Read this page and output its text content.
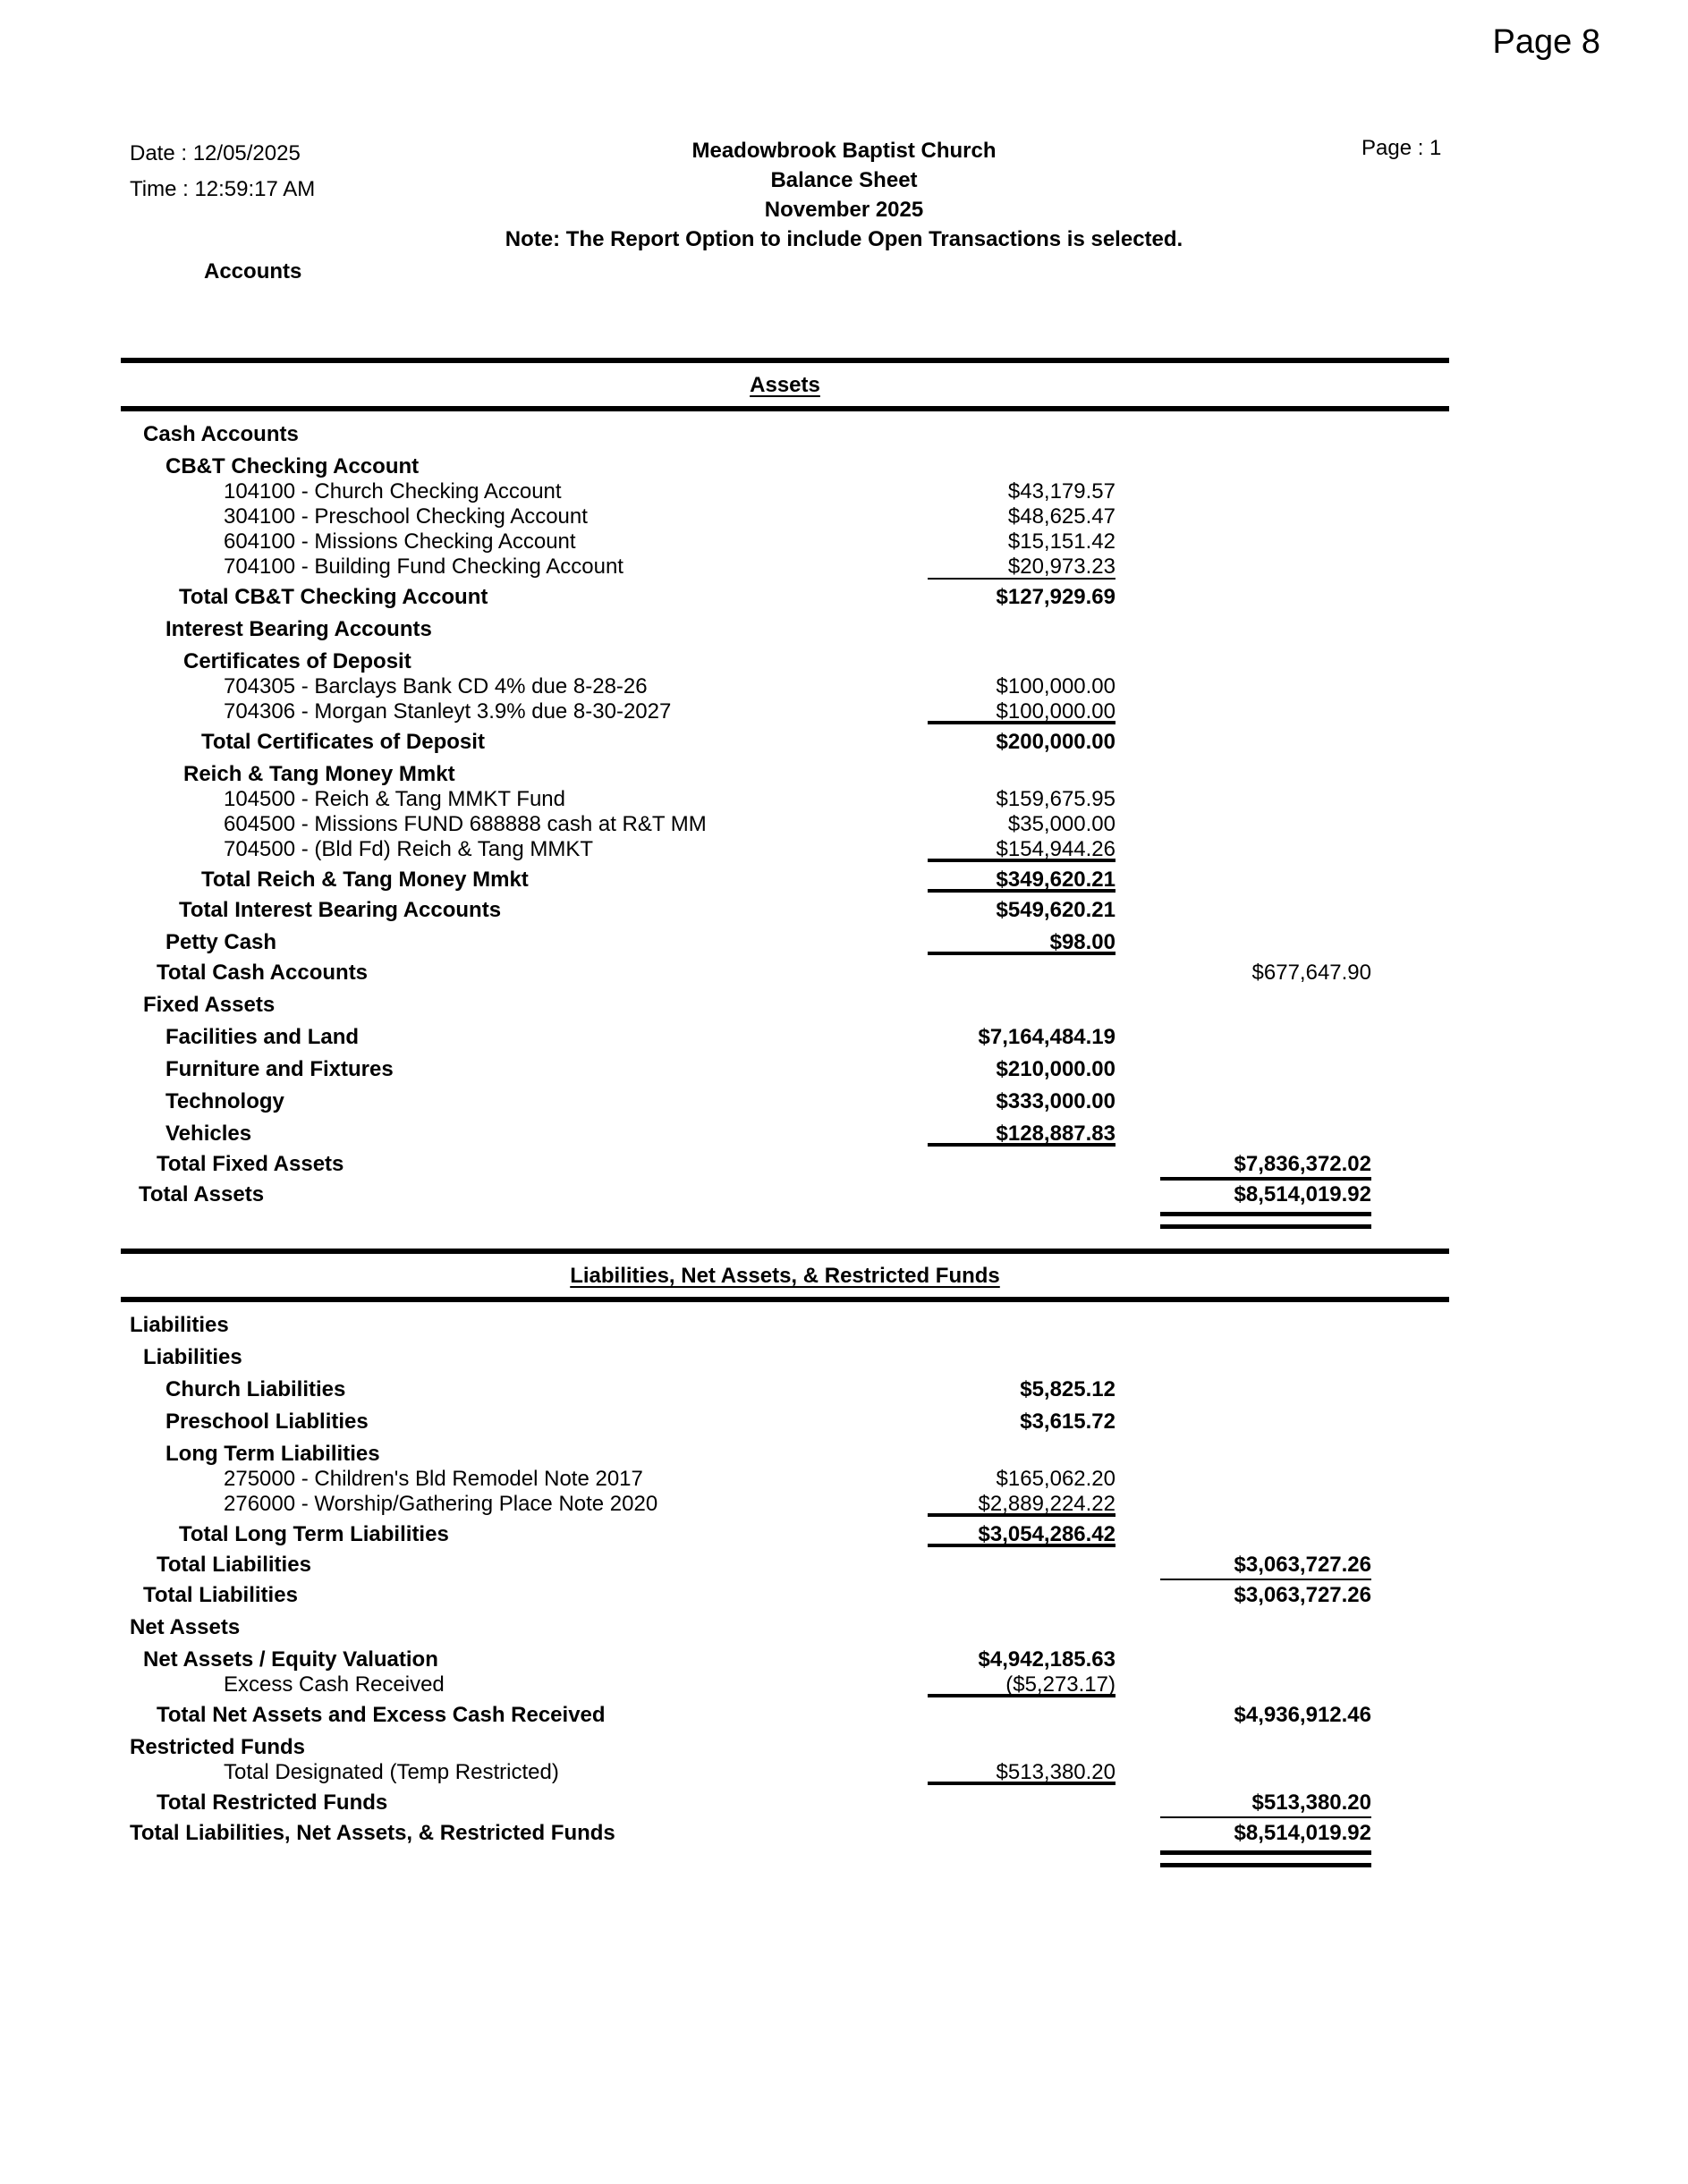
Page 8
Date : 12/05/2025
Time : 12:59:17 AM
Meadowbrook Baptist Church
Balance Sheet
November 2025
Note: The Report Option to include Open Transactions is selected.
Page : 1
Accounts
Assets
Cash Accounts
CB&T Checking Account
104100 - Church Checking Account	$43,179.57
304100 - Preschool Checking Account	$48,625.47
604100 - Missions Checking Account	$15,151.42
704100 - Building Fund Checking Account	$20,973.23
Total CB&T Checking Account	$127,929.69
Interest Bearing Accounts
Certificates of Deposit
704305 - Barclays Bank CD 4% due 8-28-26	$100,000.00
704306 - Morgan Stanleyt 3.9% due 8-30-2027	$100,000.00
Total Certificates of Deposit	$200,000.00
Reich & Tang Money Mmkt
104500 - Reich & Tang MMKT Fund	$159,675.95
604500 - Missions FUND 688888 cash at R&T MM	$35,000.00
704500 - (Bld Fd) Reich & Tang MMKT	$154,944.26
Total Reich & Tang Money Mmkt	$349,620.21
Total Interest Bearing Accounts	$549,620.21
Petty Cash	$98.00
Total Cash Accounts	$677,647.90
Fixed Assets
Facilities and Land	$7,164,484.19
Furniture and Fixtures	$210,000.00
Technology	$333,000.00
Vehicles	$128,887.83
Total Fixed Assets	$7,836,372.02
Total Assets	$8,514,019.92
Liabilities, Net Assets, & Restricted Funds
Liabilities
Liabilities
Church Liabilities	$5,825.12
Preschool Liablities	$3,615.72
Long Term Liabilities
275000 - Children's Bld Remodel Note 2017	$165,062.20
276000 - Worship/Gathering Place Note 2020	$2,889,224.22
Total Long Term Liabilities	$3,054,286.42
Total Liabilities	$3,063,727.26
Total Liabilities	$3,063,727.26
Net Assets
Net Assets / Equity Valuation	$4,942,185.63
Excess Cash Received	($5,273.17)
Total Net Assets and Excess Cash Received	$4,936,912.46
Restricted Funds
Total Designated (Temp Restricted)	$513,380.20
Total Restricted Funds	$513,380.20
Total Liabilities, Net Assets, & Restricted Funds	$8,514,019.92
